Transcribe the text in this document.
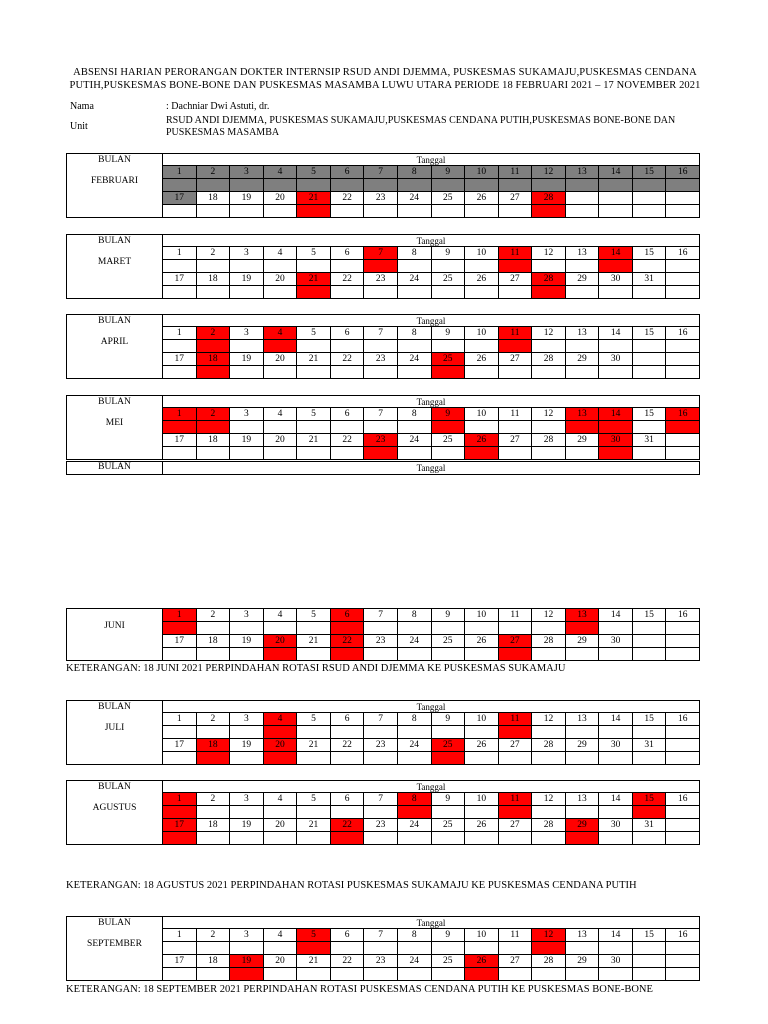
ABSENSI HARIAN PERORANGAN DOKTER INTERNSIP RSUD ANDI DJEMMA, PUSKESMAS SUKAMAJU,PUSKESMAS CENDANA
PUTIH,PUSKESMAS BONE-BONE DAN PUSKESMAS MASAMBA LUWU UTARA PERIODE 18 FEBRUARI 2021 – 17 NOVEMBER 2021
Nama	: Dachniar Dwi Astuti, dr.
Unit
RSUD ANDI DJEMMA, PUSKESMAS SUKAMAJU,PUSKESMAS CENDANA PUTIH,PUSKESMAS BONE-BONE DAN
PUSKESMAS MASAMBA
BULAN
FEBRUARI	Tanggal															
	1	2	3	4	5	6	7	8	9	10	11	12	13	14	15	16

	17	18	19	20	21	22	23	24	25	26	27	28				

BULAN
MARET	Tanggal															
	1	2	3	4	5	6	7	8	9	10	11	12	13	14	15	16

	17	18	19	20	21	22	23	24	25	26	27	28	29	30	31	

BULAN
APRIL	Tanggal															
	1	2	3	4	5	6	7	8	9	10	11	12	13	14	15	16

	17	18	19	20	21	22	23	24	25	26	27	28	29	30		

BULAN
MEI	Tanggal															
	1	2	3	4	5	6	7	8	9	10	11	12	13	14	15	16

	17	18	19	20	21	22	23	24	25	26	27	28	29	30	31	

BULAN	Tanggal
JUNI	1	2	3	4	5	6	7	8	9	10	11	12	13	14	15	16

	17	18	19	20	21	22	23	24	25	26	27	28	29	30		

KETERANGAN: 18 JUNI 2021 PERPINDAHAN ROTASI RSUD ANDI DJEMMA KE PUSKESMAS SUKAMAJU
BULAN
JULI	Tanggal															
	1	2	3	4	5	6	7	8	9	10	11	12	13	14	15	16

	17	18	19	20	21	22	23	24	25	26	27	28	29	30	31	

BULAN
AGUSTUS	Tanggal															
	1	2	3	4	5	6	7	8	9	10	11	12	13	14	15	16

	17	18	19	20	21	22	23	24	25	26	27	28	29	30	31	

KETERANGAN: 18 AGUSTUS 2021 PERPINDAHAN ROTASI PUSKESMAS SUKAMAJU KE PUSKESMAS CENDANA PUTIH
BULAN
SEPTEMBER	Tanggal															
	1	2	3	4	5	6	7	8	9	10	11	12	13	14	15	16

	17	18	19	20	21	22	23	24	25	26	27	28	29	30		

KETERANGAN: 18 SEPTEMBER 2021 PERPINDAHAN ROTASI PUSKESMAS CENDANA PUTIH KE PUSKESMAS BONE-BONE
